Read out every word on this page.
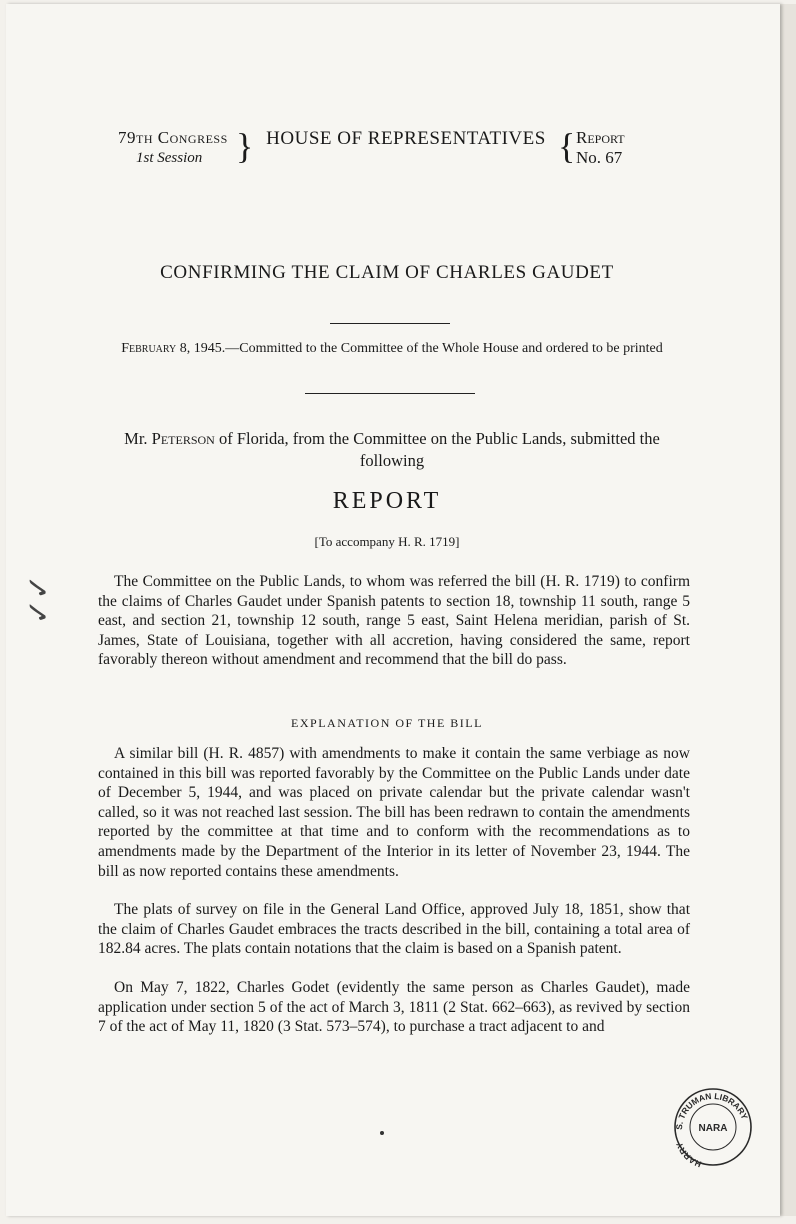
✓ ✓
79th Congress
1st Session } HOUSE OF REPRESENTATIVES { Report
No. 67
CONFIRMING THE CLAIM OF CHARLES GAUDET
February 8, 1945.—Committed to the Committee of the Whole House and ordered to be printed
Mr. Peterson of Florida, from the Committee on the Public Lands, submitted the following
REPORT
[To accompany H. R. 1719]
The Committee on the Public Lands, to whom was referred the bill (H. R. 1719) to confirm the claims of Charles Gaudet under Spanish patents to section 18, township 11 south, range 5 east, and section 21, township 12 south, range 5 east, Saint Helena meridian, parish of St. James, State of Louisiana, together with all accretion, having considered the same, report favorably thereon without amendment and recommend that the bill do pass.
EXPLANATION OF THE BILL
A similar bill (H. R. 4857) with amendments to make it contain the same verbiage as now contained in this bill was reported favorably by the Committee on the Public Lands under date of December 5, 1944, and was placed on private calendar but the private calendar wasn't called, so it was not reached last session. The bill has been redrawn to contain the amendments reported by the committee at that time and to conform with the recommendations as to amendments made by the Department of the Interior in its letter of November 23, 1944. The bill as now reported contains these amendments.
The plats of survey on file in the General Land Office, approved July 18, 1851, show that the claim of Charles Gaudet embraces the tracts described in the bill, containing a total area of 182.84 acres. The plats contain notations that the claim is based on a Spanish patent.
On May 7, 1822, Charles Godet (evidently the same person as Charles Gaudet), made application under section 5 of the act of March 3, 1811 (2 Stat. 662–663), as revived by section 7 of the act of May 11, 1820 (3 Stat. 573–574), to purchase a tract adjacent to and
S. TRUMAN LIBRARY
HARRY
NARA
